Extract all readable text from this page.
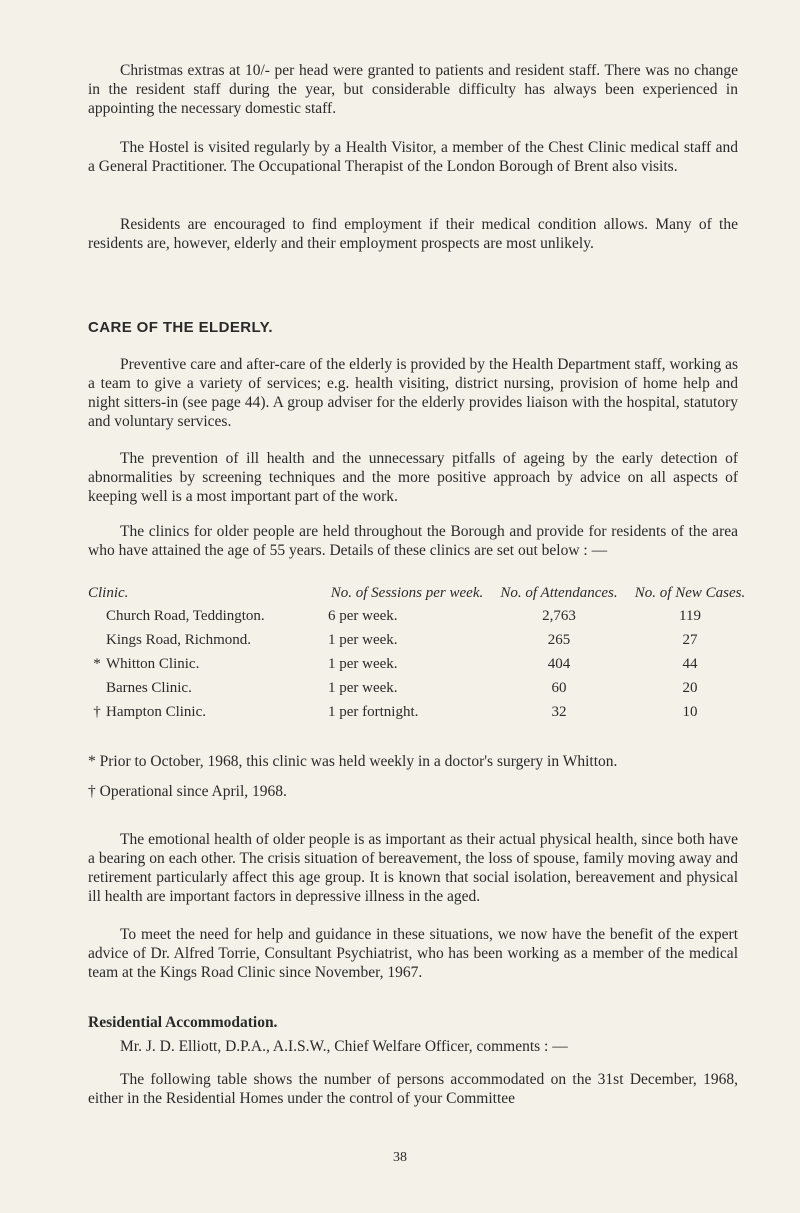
Christmas extras at 10/- per head were granted to patients and resident staff. There was no change in the resident staff during the year, but considerable difficulty has always been experienced in appointing the necessary domestic staff.

The Hostel is visited regularly by a Health Visitor, a member of the Chest Clinic medical staff and a General Practitioner. The Occupational Therapist of the London Borough of Brent also visits.

Residents are encouraged to find employment if their medical condition allows. Many of the residents are, however, elderly and their employment prospects are most unlikely.

CARE OF THE ELDERLY.

Preventive care and after-care of the elderly is provided by the Health Department staff, working as a team to give a variety of services; e.g. health visiting, district nursing, provision of home help and night sitters-in (see page 44). A group adviser for the elderly provides liaison with the hospital, statutory and voluntary services.

The prevention of ill health and the unnecessary pitfalls of ageing by the early detection of abnormalities by screening techniques and the more positive approach by advice on all aspects of keeping well is a most important part of the work.

The clinics for older people are held throughout the Borough and provide for residents of the area who have attained the age of 55 years. Details of these clinics are set out below : —

Clinic.	No. of Sessions per week.	No. of Attendances.	No. of New Cases.
Church Road, Teddington.	6 per week.	2,763	119
Kings Road, Richmond.	1 per week.	265	27
* Whitton Clinic.	1 per week.	404	44
Barnes Clinic.	1 per week.	60	20
† Hampton Clinic.	1 per fortnight.	32	10
* Prior to October, 1968, this clinic was held weekly in a doctor's surgery in Whitton.
† Operational since April, 1968.

The emotional health of older people is as important as their actual physical health, since both have a bearing on each other. The crisis situation of bereavement, the loss of spouse, family moving away and retirement particularly affect this age group. It is known that social isolation, bereavement and physical ill health are important factors in depressive illness in the aged.

To meet the need for help and guidance in these situations, we now have the benefit of the expert advice of Dr. Alfred Torrie, Consultant Psychiatrist, who has been working as a member of the medical team at the Kings Road Clinic since November, 1967.

Residential Accommodation.

Mr. J. D. Elliott, D.P.A., A.I.S.W., Chief Welfare Officer, comments : —

The following table shows the number of persons accommodated on the 31st December, 1968, either in the Residential Homes under the control of your Committee

38
